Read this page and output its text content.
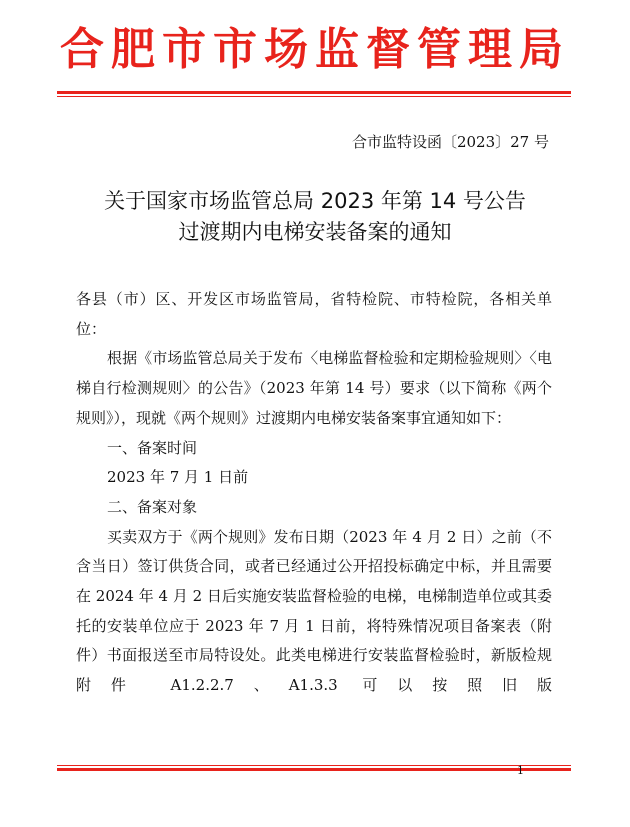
合肥市市场监督管理局
合市监特设函〔2023〕27 号
关于国家市场监管总局 2023 年第 14 号公告
过渡期内电梯安装备案的通知

各县（市）区、开发区市场监管局，省特检院、市特检院，各相关单位：

根据《市场监管总局关于发布〈电梯监督检验和定期检验规则〉〈电梯自行检测规则〉的公告》（2023 年第 14 号）要求（以下简称《两个规则》），现就《两个规则》过渡期内电梯安装备案事宜通知如下：

一、备案时间

2023 年 7 月 1 日前

二、备案对象

买卖双方于《两个规则》发布日期（2023 年 4 月 2 日）之前（不含当日）签订供货合同，或者已经通过公开招投标确定中标，并且需要在 2024 年 4 月 2 日后实施安装监督检验的电梯，电梯制造单位或其委托的安装单位应于 2023 年 7 月 1 日前，将特殊情况项目备案表（附件）书面报送至市局特设处。此类电梯进行安装监督检验时，新版检规附件 A1.2.2.7、A1.3.3 可以按照旧版

1
